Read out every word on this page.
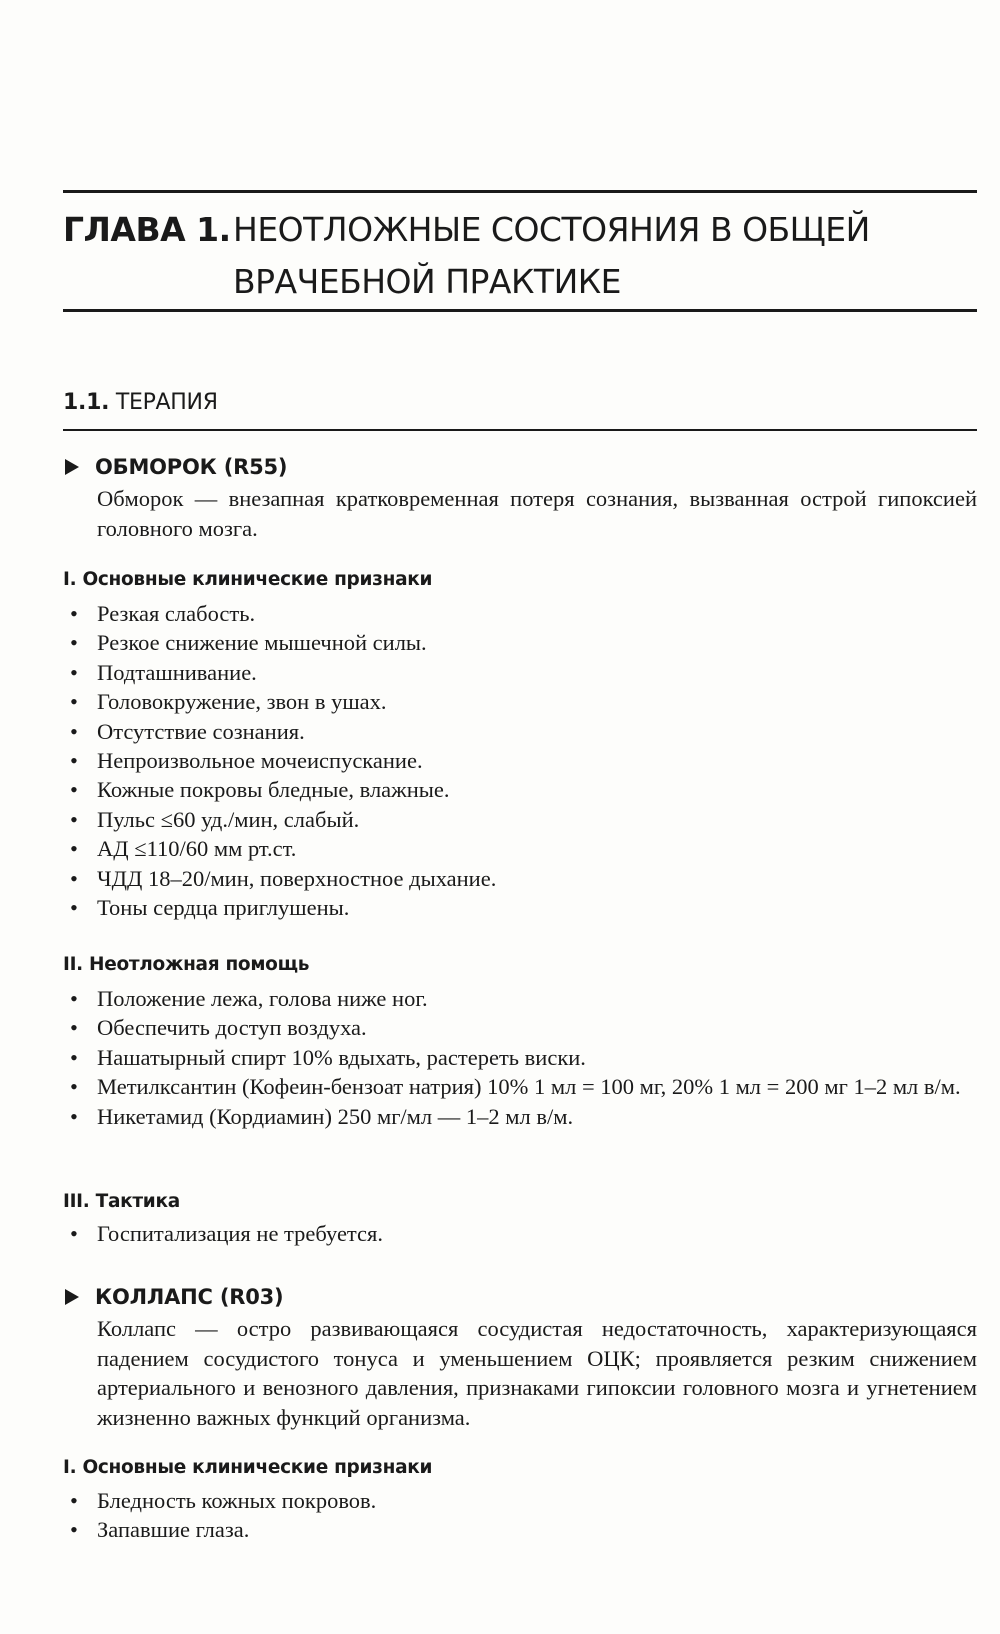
ГЛАВА 1. НЕОТЛОЖНЫЕ СОСТОЯНИЯ В ОБЩЕЙ
ВРАЧЕБНОЙ ПРАКТИКЕ
1.1. ТЕРАПИЯ
ОБМОРОК (R55)
Обморок — внезапная кратковременная потеря сознания, вызванная острой гипоксией головного мозга.
I. Основные клинические признаки
• Резкая слабость.
• Резкое снижение мышечной силы.
• Подташнивание.
• Головокружение, звон в ушах.
• Отсутствие сознания.
• Непроизвольное мочеиспускание.
• Кожные покровы бледные, влажные.
• Пульс ≤60 уд./мин, слабый.
• АД ≤110/60 мм рт.ст.
• ЧДД 18–20/мин, поверхностное дыхание.
• Тоны сердца приглушены.
II. Неотложная помощь
• Положение лежа, голова ниже ног.
• Обеспечить доступ воздуха.
• Нашатырный спирт 10% вдыхать, растереть виски.
• Метилксантин (Кофеин-бензоат натрия) 10% 1 мл = 100 мг, 20% 1 мл = 200 мг 1–2 мл в/м.
• Никетамид (Кордиамин) 250 мг/мл — 1–2 мл в/м.
III. Тактика
• Госпитализация не требуется.
КОЛЛАПС (R03)
Коллапс — остро развивающаяся сосудистая недостаточность, характеризующаяся падением сосудистого тонуса и уменьшением ОЦК; проявляется резким снижением артериального и венозного давления, признаками гипоксии головного мозга и угнетением жизненно важных функций организма.
I. Основные клинические признаки
• Бледность кожных покровов.
• Запавшие глаза.
